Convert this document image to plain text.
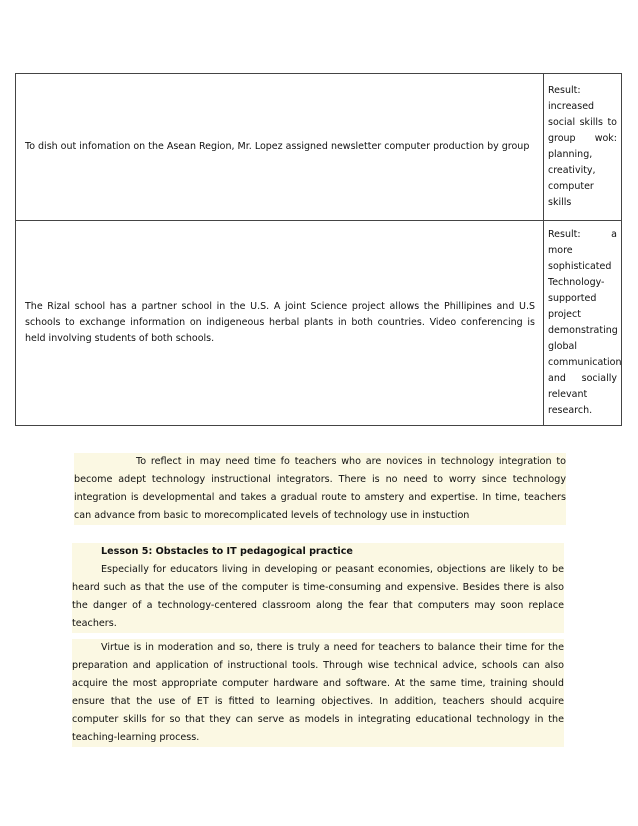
To dish out infomation on the Asean Region, Mr. Lopez assigned newsletter computer production by group	Result: increased social skills to group wok: planning, creativity, computer skills

The Rizal school has a partner school in the U.S. A joint Science project allows the Phillipines and U.S schools to exchange information on indigeneous herbal plants in both countries. Video conferencing is held involving students of both schools.	Result: a more sophisticated Technology-supported project demonstrating global communication and socially relevant research.

To reflect in may need time fo teachers who are novices in technology integration to become adept technology instructional integrators. There is no need to worry since technology integration is developmental and takes a gradual route to amstery and expertise. In time, teachers can advance from basic to morecomplicated levels of technology use in instuction

Lesson 5: Obstacles to IT pedagogical practice

Especially for educators living in developing or peasant economies, objections are likely to be heard such as that the use of the computer is time-consuming and expensive. Besides there is also the danger of a technology-centered classroom along the fear that computers may soon replace teachers.

Virtue is in moderation and so, there is truly a need for teachers to balance their time for the preparation and application of instructional tools. Through wise technical advice, schools can also acquire the most appropriate computer hardware and software. At the same time, training should ensure that the use of ET is fitted to learning objectives. In addition, teachers should acquire computer skills for so that they can serve as models in integrating educational technology in the teaching-learning process.
